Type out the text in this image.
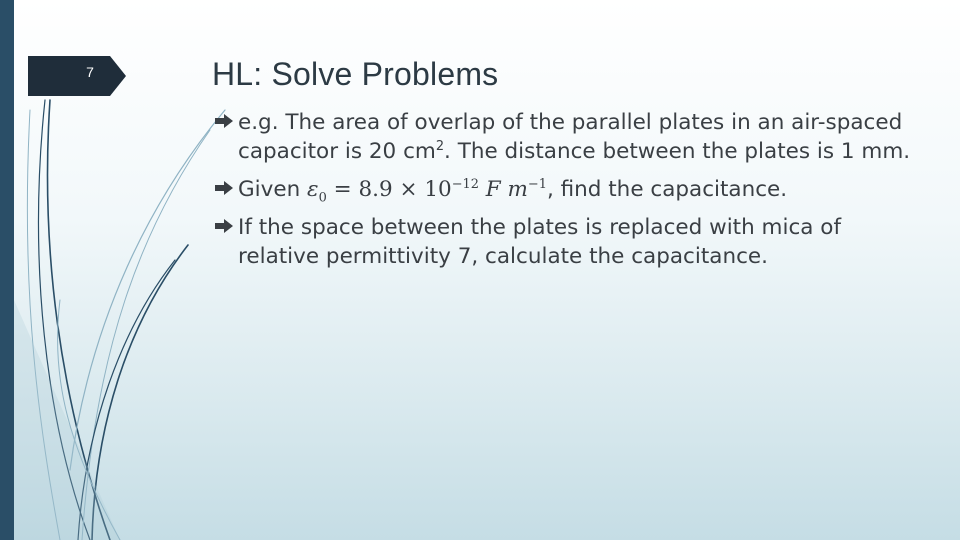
7	HL: Solve Problems
e.g. The area of overlap of the parallel plates in an air-spaced capacitor is 20 $cm^2$. The distance between the plates is 1 mm.
Given $\varepsilon_0 = 8.9 \times 10^{-12}$ F $m^{-1}$, find the capacitance.
If the space between the plates is replaced with mica of relative permittivity 7, calculate the capacitance.
